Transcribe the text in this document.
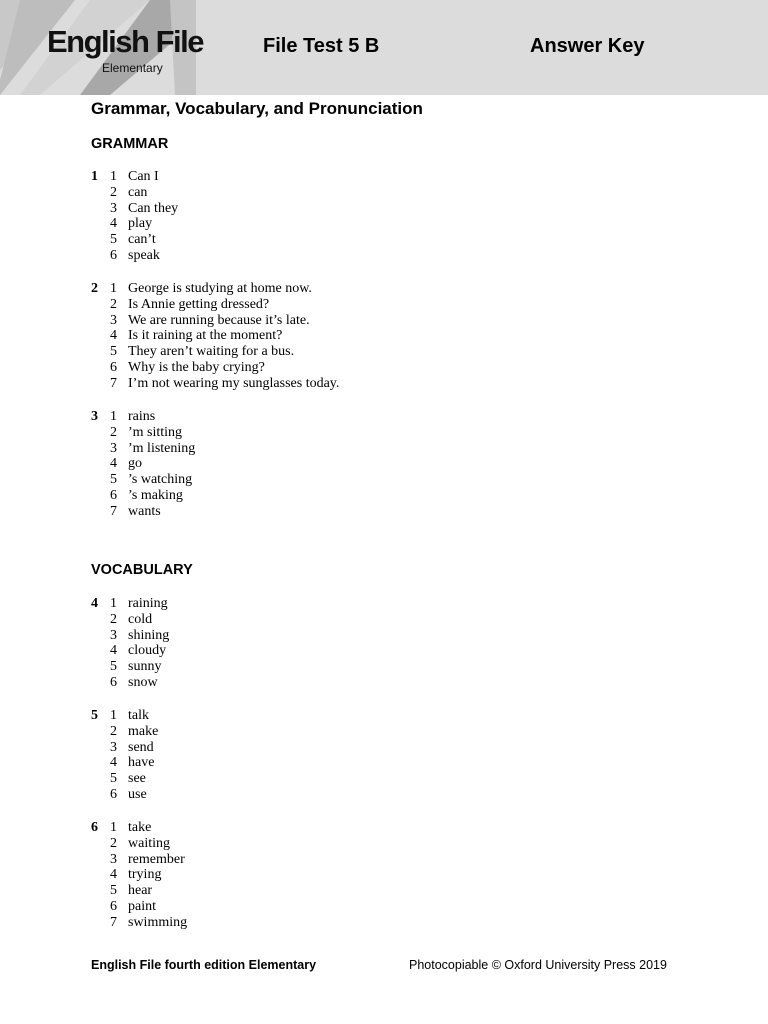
English File
Elementary
File Test 5 B	Answer Key
Grammar, Vocabulary, and Pronunciation
GRAMMAR
VOCABULARY
1 1 Can I
2 can
3 Can they
4 play
5 can’t
6 speak
2 1 George is studying at home now.
2 Is Annie getting dressed?
3 We are running because it’s late.
4 Is it raining at the moment?
5 They aren’t waiting for a bus.
6 Why is the baby crying?
7 I’m not wearing my sunglasses today.
3 1 rains
2 ’m sitting
3 ’m listening
4 go
5 ’s watching
6 ’s making
7 wants
4 1 raining
2 cold
3 shining
4 cloudy
5 sunny
6 snow
5 1 talk
2 make
3 send
4 have
5 see
6 use
6 1 take
2 waiting
3 remember
4 trying
5 hear
6 paint
7 swimming
English File fourth edition Elementary	Photocopiable © Oxford University Press 2019
